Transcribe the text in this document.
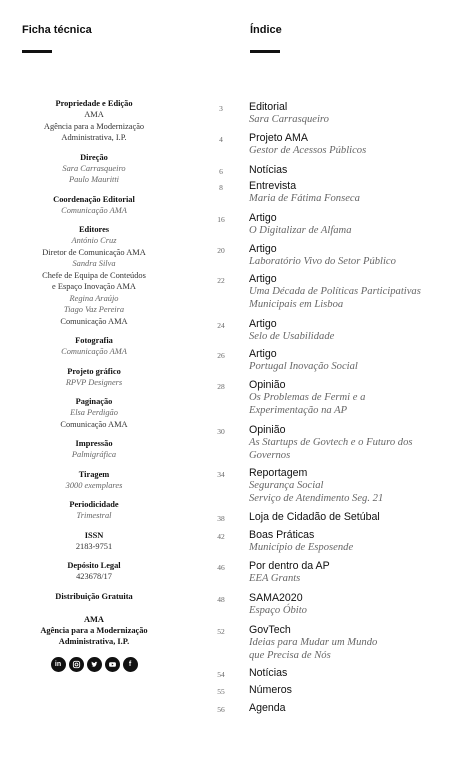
Ficha técnica	Índice
Propriedade e Edição
AMA
Agência para a Modernização
Administrativa, I.P.
Direção
Sara Carrasqueiro
Paulo Mauritti
Coordenação Editorial
Comunicação AMA
Editores
António Cruz
Diretor de Comunicação AMA
Sandra Silva
Chefe de Equipa de Conteúdos
e Espaço Inovação AMA
Regina Araújo
Tiago Vaz Pereira
Comunicação AMA
Fotografia
Comunicação AMA
Projeto gráfico
RPVP Designers
Paginação
Elsa Perdigão
Comunicação AMA
Impressão
Palmigráfica
Tiragem
3000 exemplares
Periodicidade
Trimestral
ISSN
2183-9751
Depósito Legal
423678/17
Distribuição Gratuita
AMA
Agência para a Modernização
Administrativa, I.P.
in	f
3	Editorial
Sara Carrasqueiro
4	Projeto AMA
Gestor de Acessos Públicos
6	Notícias
8	Entrevista
Maria de Fátima Fonseca
16	Artigo
O Digitalizar de Alfama
20	Artigo
Laboratório Vivo do Setor Público
22	Artigo
Uma Década de Políticas Participativas
Municipais em Lisboa
24	Artigo
Selo de Usabilidade
26	Artigo
Portugal Inovação Social
28	Opinião
Os Problemas de Fermi e a
Experimentação na AP
30	Opinião
As Startups de Govtech e o Futuro dos
Governos
34	Reportagem
Segurança Social
Serviço de Atendimento Seg. 21
38	Loja de Cidadão de Setúbal
42	Boas Práticas
Município de Esposende
46	Por dentro da AP
EEA Grants
48	SAMA2020
Espaço Óbito
52	GovTech
Ideias para Mudar um Mundo
que Precisa de Nós
54	Notícias
55	Números
56	Agenda
